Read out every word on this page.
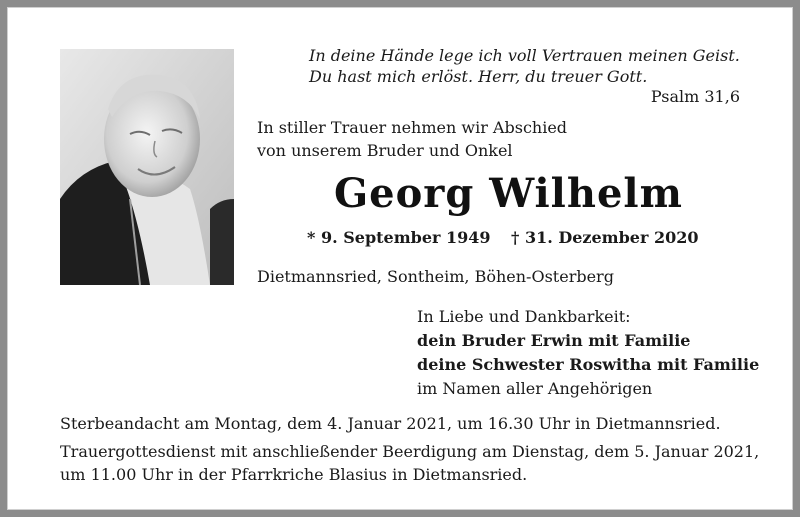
In deine Hände lege ich voll Vertrauen meinen Geist.
Du hast mich erlöst. Herr, du treuer Gott.
Psalm 31,6
In stiller Trauer nehmen wir Abschied
von unserem Bruder und Onkel
Georg Wilhelm
* 9. September 1949 † 31. Dezember 2020
Dietmannsried, Sontheim, Böhen-Osterberg
In Liebe und Dankbarkeit:
dein Bruder Erwin mit Familie
deine Schwester Roswitha mit Familie
im Namen aller Angehörigen
Sterbeandacht am Montag, dem 4. Januar 2021, um 16.30 Uhr in Dietmannsried.
Trauergottesdienst mit anschließender Beerdigung am Dienstag, dem 5. Januar 2021,
um 11.00 Uhr in der Pfarrkriche Blasius in Dietmansried.
